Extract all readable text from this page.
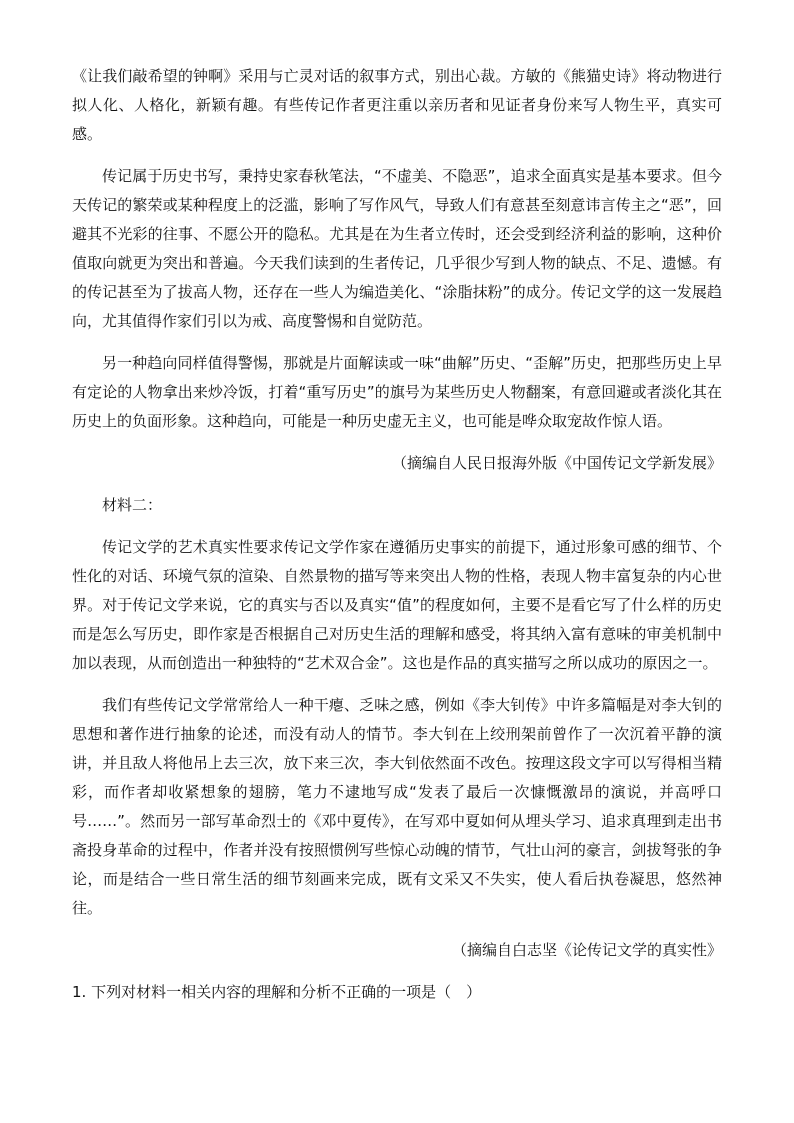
《让我们敲希望的钟啊》采用与亡灵对话的叙事方式，别出心裁。方敏的《熊猫史诗》将动物进行拟人化、人格化，新颖有趣。有些传记作者更注重以亲历者和见证者身份来写人物生平，真实可感。

传记属于历史书写，秉持史家春秋笔法，“不虚美、不隐恶”，追求全面真实是基本要求。但今天传记的繁荣或某种程度上的泛滥，影响了写作风气，导致人们有意甚至刻意讳言传主之“恶”，回避其不光彩的往事、不愿公开的隐私。尤其是在为生者立传时，还会受到经济利益的影响，这种价值取向就更为突出和普遍。今天我们读到的生者传记，几乎很少写到人物的缺点、不足、遗憾。有的传记甚至为了拔高人物，还存在一些人为编造美化、“涂脂抹粉”的成分。传记文学的这一发展趋向，尤其值得作家们引以为戒、高度警惕和自觉防范。

另一种趋向同样值得警惕，那就是片面解读或一味“曲解”历史、“歪解”历史，把那些历史上早有定论的人物拿出来炒冷饭，打着“重写历史”的旗号为某些历史人物翻案，有意回避或者淡化其在历史上的负面形象。这种趋向，可能是一种历史虚无主义，也可能是哗众取宠故作惊人语。

（摘编自人民日报海外版《中国传记文学新发展》

材料二：

传记文学的艺术真实性要求传记文学作家在遵循历史事实的前提下，通过形象可感的细节、个性化的对话、环境气氛的渲染、自然景物的描写等来突出人物的性格，表现人物丰富复杂的内心世界。对于传记文学来说，它的真实与否以及真实“值”的程度如何，主要不是看它写了什么样的历史而是怎么写历史，即作家是否根据自己对历史生活的理解和感受，将其纳入富有意味的审美机制中加以表现，从而创造出一种独特的“艺术双合金”。这也是作品的真实描写之所以成功的原因之一。

我们有些传记文学常常给人一种干瘪、乏味之感，例如《李大钊传》中许多篇幅是对李大钊的思想和著作进行抽象的论述，而没有动人的情节。李大钊在上绞刑架前曾作了一次沉着平静的演讲，并且敌人将他吊上去三次，放下来三次，李大钊依然面不改色。按理这段文字可以写得相当精彩，而作者却收紧想象的翅膀，笔力不逮地写成“发表了最后一次慷慨激昂的演说，并高呼口号……”。然而另一部写革命烈士的《邓中夏传》，在写邓中夏如何从埋头学习、追求真理到走出书斋投身革命的过程中，作者并没有按照惯例写些惊心动魄的情节，气壮山河的豪言，剑拔弩张的争论，而是结合一些日常生活的细节刻画来完成，既有文采又不失实，使人看后执卷凝思，悠然神往。

（摘编自白志坚《论传记文学的真实性》

1. 下列对材料一相关内容的理解和分析不正确的一项是（　）
